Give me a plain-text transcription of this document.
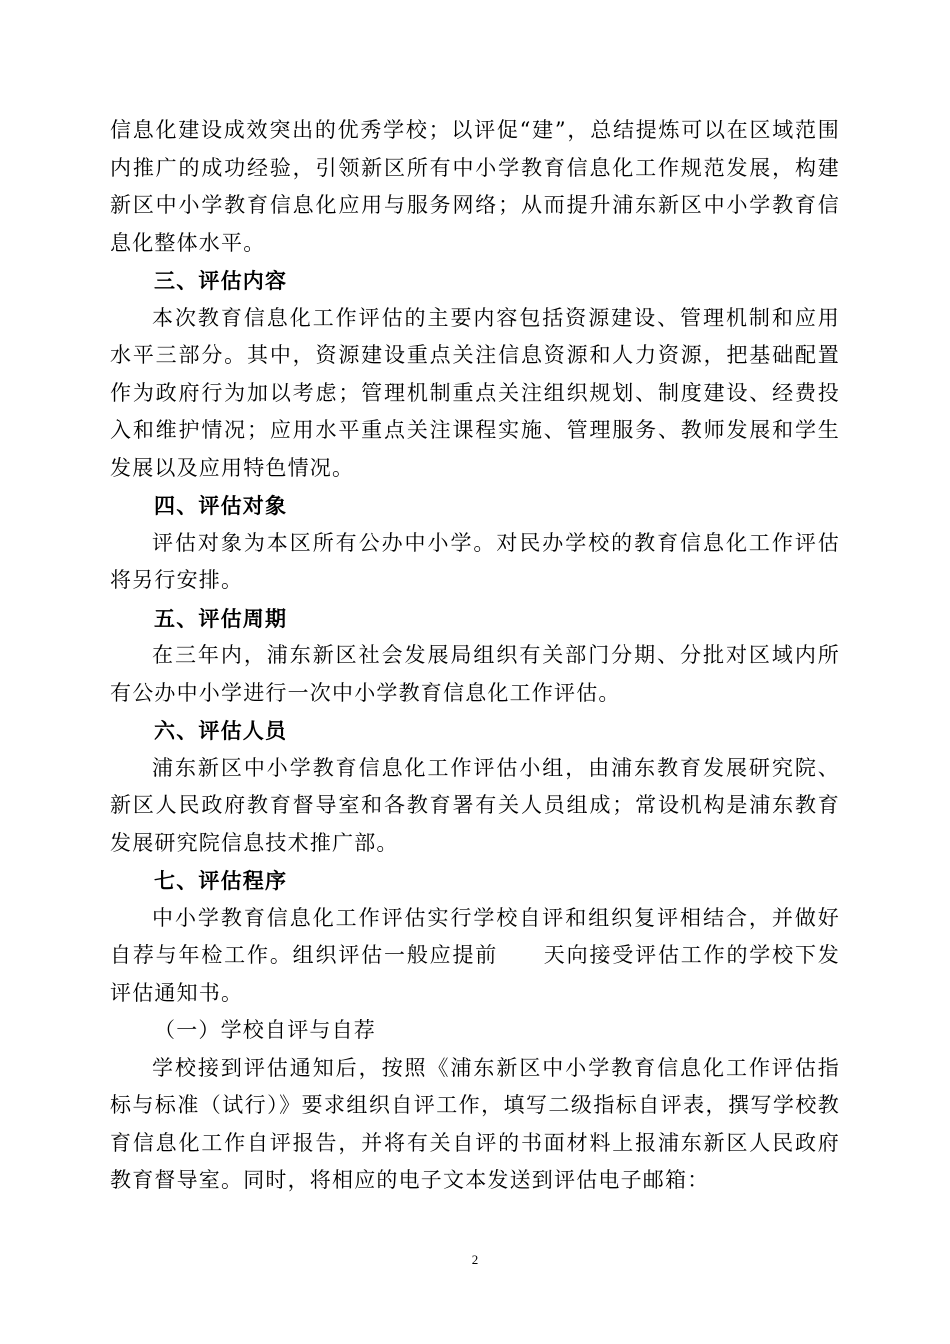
信息化建设成效突出的优秀学校；以评促“建”，总结提炼可以在区域范围内推广的成功经验，引领新区所有中小学教育信息化工作规范发展，构建新区中小学教育信息化应用与服务网络；从而提升浦东新区中小学教育信息化整体水平。

三、评估内容

本次教育信息化工作评估的主要内容包括资源建设、管理机制和应用水平三部分。其中，资源建设重点关注信息资源和人力资源，把基础配置作为政府行为加以考虑；管理机制重点关注组织规划、制度建设、经费投入和维护情况；应用水平重点关注课程实施、管理服务、教师发展和学生发展以及应用特色情况。

四、评估对象

评估对象为本区所有公办中小学。对民办学校的教育信息化工作评估将另行安排。

五、评估周期

在三年内，浦东新区社会发展局组织有关部门分期、分批对区域内所有公办中小学进行一次中小学教育信息化工作评估。

六、评估人员

浦东新区中小学教育信息化工作评估小组，由浦东教育发展研究院、新区人民政府教育督导室和各教育署有关人员组成；常设机构是浦东教育发展研究院信息技术推广部。

七、评估程序

中小学教育信息化工作评估实行学校自评和组织复评相结合，并做好自荐与年检工作。组织评估一般应提前　　天向接受评估工作的学校下发评估通知书。

（一）学校自评与自荐

学校接到评估通知后，按照《浦东新区中小学教育信息化工作评估指标与标准（试行）》要求组织自评工作，填写二级指标自评表，撰写学校教育信息化工作自评报告，并将有关自评的书面材料上报浦东新区人民政府教育督导室。同时，将相应的电子文本发送到评估电子邮箱：

2
